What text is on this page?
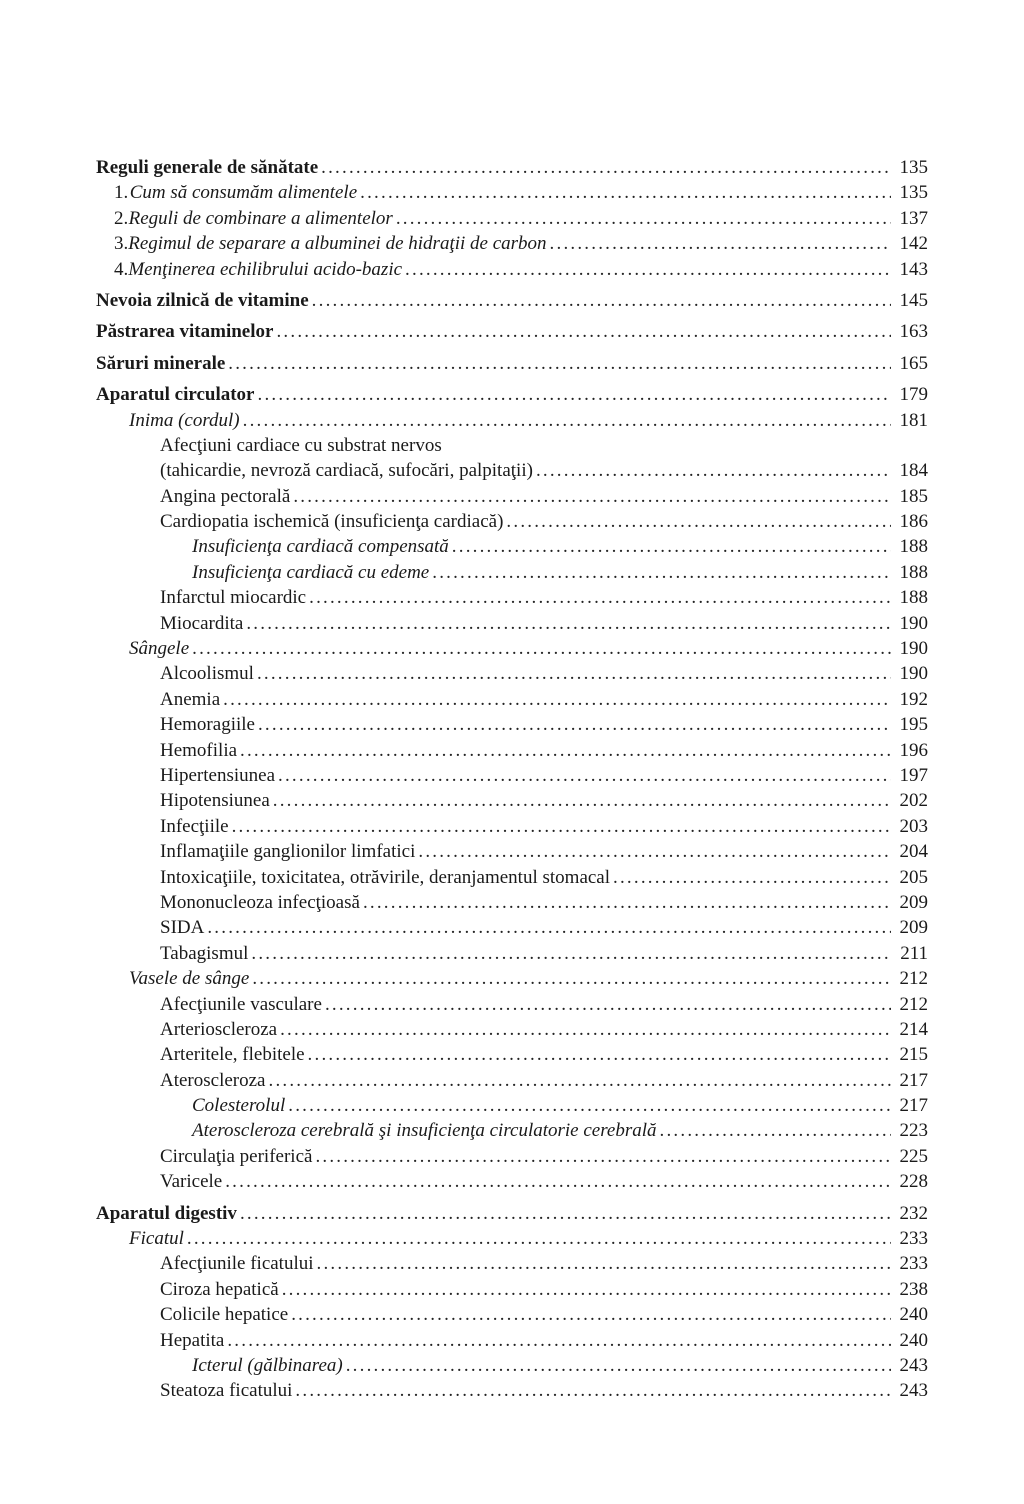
Reguli generale de sănătate .....	135
1. Cum să consumăm alimentele .....	135
2. Reguli de combinare a alimentelor .....	137
3. Regimul de separare a albuminei de hidraţii de carbon .....	142
4. Menţinerea echilibrului acido-bazic .....	143
Nevoia zilnică de vitamine .....	145
Păstrarea vitaminelor .....	163
Săruri minerale .....	165
Aparatul circulator .....	179
Inima (cordul) .....	181
Afecţiuni cardiace cu substrat nervos
(tahicardie, nevroză cardiacă, sufocări, palpitaţii) .....	184
Angina pectorală .....	185
Cardiopatia ischemică (insuficienţa cardiacă) .....	186
Insuficienţa cardiacă compensată .....	188
Insuficienţa cardiacă cu edeme .....	188
Infarctul miocardic .....	188
Miocardita .....	190
Sângele .....	190
Alcoolismul .....	190
Anemia .....	192
Hemoragiile .....	195
Hemofilia .....	196
Hipertensiunea .....	197
Hipotensiunea .....	202
Infecţiile .....	203
Inflamaţiile ganglionilor limfatici .....	204
Intoxicaţiile, toxicitatea, otrăvirile, deranjamentul stomacal .....	205
Mononucleoza infecţioasă .....	209
SIDA .....	209
Tabagismul .....	211
Vasele de sânge .....	212
Afecţiunile vasculare .....	212
Arterioscleroza .....	214
Arteritele, flebitele .....	215
Ateroscleroza .....	217
Colesterolul .....	217
Ateroscleroza cerebrală şi insuficienţa circulatorie cerebrală .....	223
Circulaţia periferică .....	225
Varicele .....	228
Aparatul digestiv .....	232
Ficatul .....	233
Afecţiunile ficatului .....	233
Ciroza hepatică .....	238
Colicile hepatice .....	240
Hepatita .....	240
Icterul (gălbinarea) .....	243
Steatoza ficatului .....	243
